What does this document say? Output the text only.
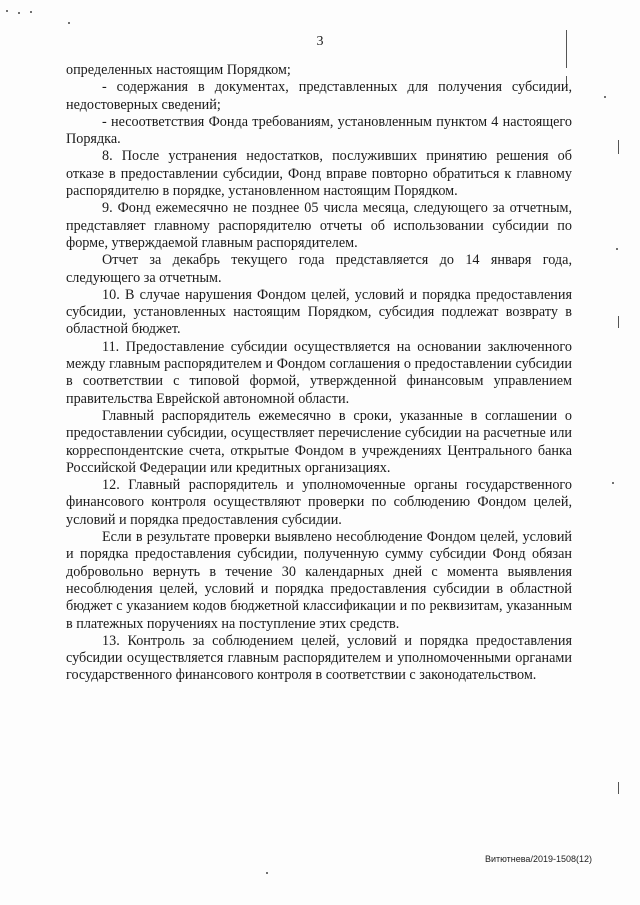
3

определенных настоящим Порядком;

- содержания в документах, представленных для получения субсидии, недостоверных сведений;

- несоответствия Фонда требованиям, установленным пунктом 4 настоящего Порядка.

8. После устранения недостатков, послуживших принятию решения об отказе в предоставлении субсидии, Фонд вправе повторно обратиться к главному распорядителю в порядке, установленном настоящим Порядком.

9. Фонд ежемесячно не позднее 05 числа месяца, следующего за отчетным, представляет главному распорядителю отчеты об использовании субсидии по форме, утверждаемой главным распорядителем.

Отчет за декабрь текущего года представляется до 14 января года, следующего за отчетным.

10. В случае нарушения Фондом целей, условий и порядка предоставления субсидии, установленных настоящим Порядком, субсидия подлежат возврату в областной бюджет.

11. Предоставление субсидии осуществляется на основании заключенного между главным распорядителем и Фондом соглашения о предоставлении субсидии в соответствии с типовой формой, утвержденной финансовым управлением правительства Еврейской автономной области.

Главный распорядитель ежемесячно в сроки, указанные в соглашении о предоставлении субсидии, осуществляет перечисление субсидии на расчетные или корреспондентские счета, открытые Фондом в учреждениях Центрального банка Российской Федерации или кредитных организациях.

12. Главный распорядитель и уполномоченные органы государственного финансового контроля осуществляют проверки по соблюдению Фондом целей, условий и порядка предоставления субсидии.

Если в результате проверки выявлено несоблюдение Фондом целей, условий и порядка предоставления субсидии, полученную сумму субсидии Фонд обязан добровольно вернуть в течение 30 календарных дней с момента выявления несоблюдения целей, условий и порядка предоставления субсидии в областной бюджет с указанием кодов бюджетной классификации и по реквизитам, указанным в платежных поручениях на поступление этих средств.

13. Контроль за соблюдением целей, условий и порядка предоставления субсидии осуществляется главным распорядителем и уполномоченными органами государственного финансового контроля в соответствии с законодательством.

Витютнева/2019-1508(12)
